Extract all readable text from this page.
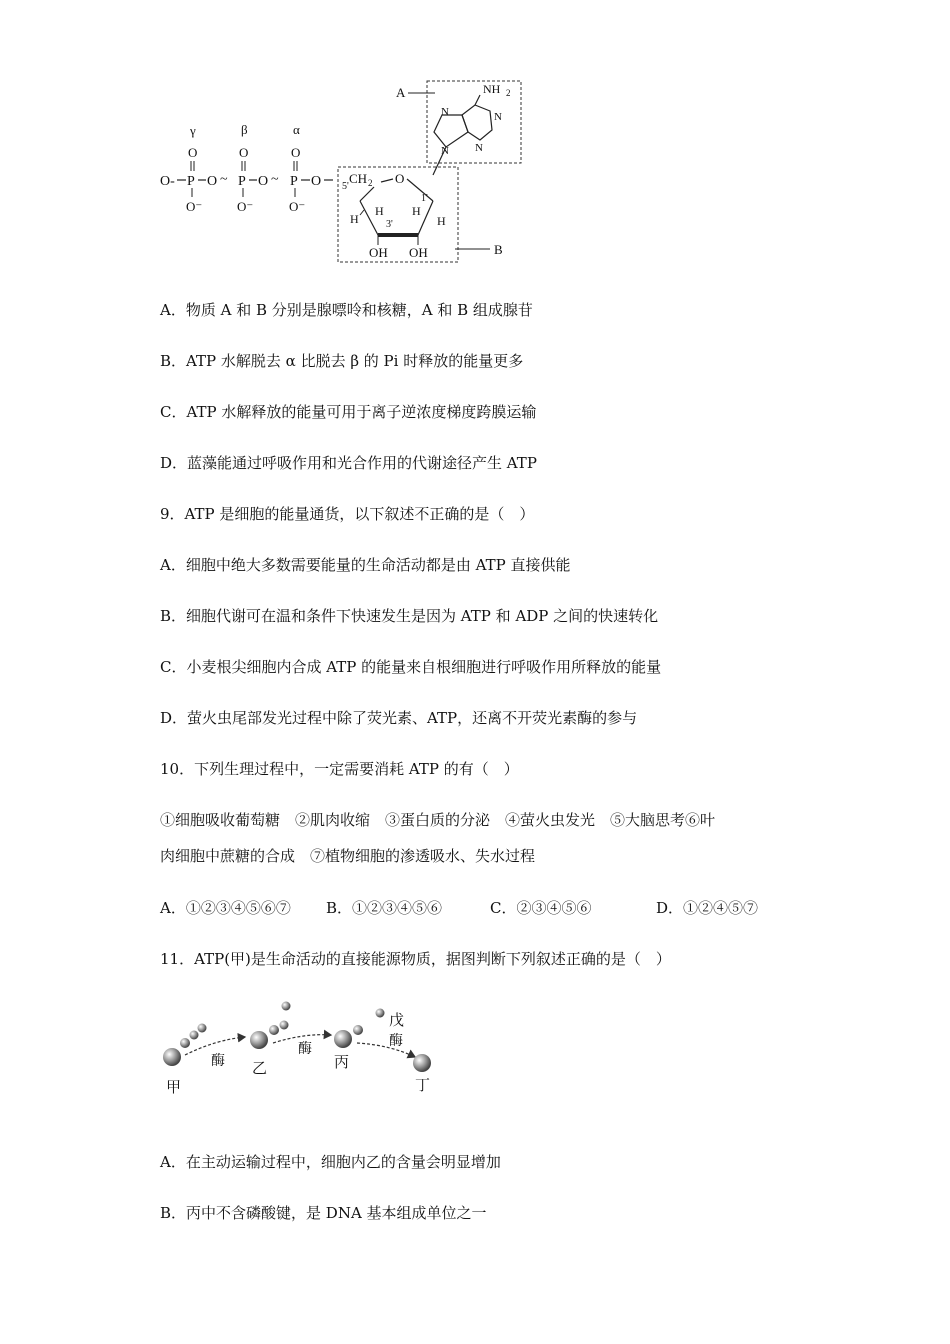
γ	β	α
O- P O ~ P O ~ P O
O	O	O
O⁻	O⁻	O⁻
5'
CH 2 O
1'
3'
H
H H
H
OH OH	B
A
N
N
N
N
NH 2
A．物质 A 和 B 分别是腺嘌呤和核糖，A 和 B 组成腺苷
B．ATP 水解脱去 α 比脱去 β 的 Pi 时释放的能量更多
C．ATP 水解释放的能量可用于离子逆浓度梯度跨膜运输
D．蓝藻能通过呼吸作用和光合作用的代谢途径产生 ATP
9．ATP 是细胞的能量通货，以下叙述不正确的是（　）
A．细胞中绝大多数需要能量的生命活动都是由 ATP 直接供能
B．细胞代谢可在温和条件下快速发生是因为 ATP 和 ADP 之间的快速转化
C．小麦根尖细胞内合成 ATP 的能量来自根细胞进行呼吸作用所释放的能量
D．萤火虫尾部发光过程中除了荧光素、ATP，还离不开荧光素酶的参与
10．下列生理过程中，一定需要消耗 ATP 的有（　）
①细胞吸收葡萄糖　②肌肉收缩　③蛋白质的分泌　④萤火虫发光　⑤大脑思考⑥叶
肉细胞中蔗糖的合成　⑦植物细胞的渗透吸水、失水过程
A．①②③④⑤⑥⑦ B．①②③④⑤⑥	C．②③④⑤⑥	D．①②④⑤⑦
11．ATP(甲)是生命活动的直接能源物质，据图判断下列叙述正确的是（　）
甲
酶 乙
酶
丙
戊
酶
丁
A．在主动运输过程中，细胞内乙的含量会明显增加
B．丙中不含磷酸键，是 DNA 基本组成单位之一
